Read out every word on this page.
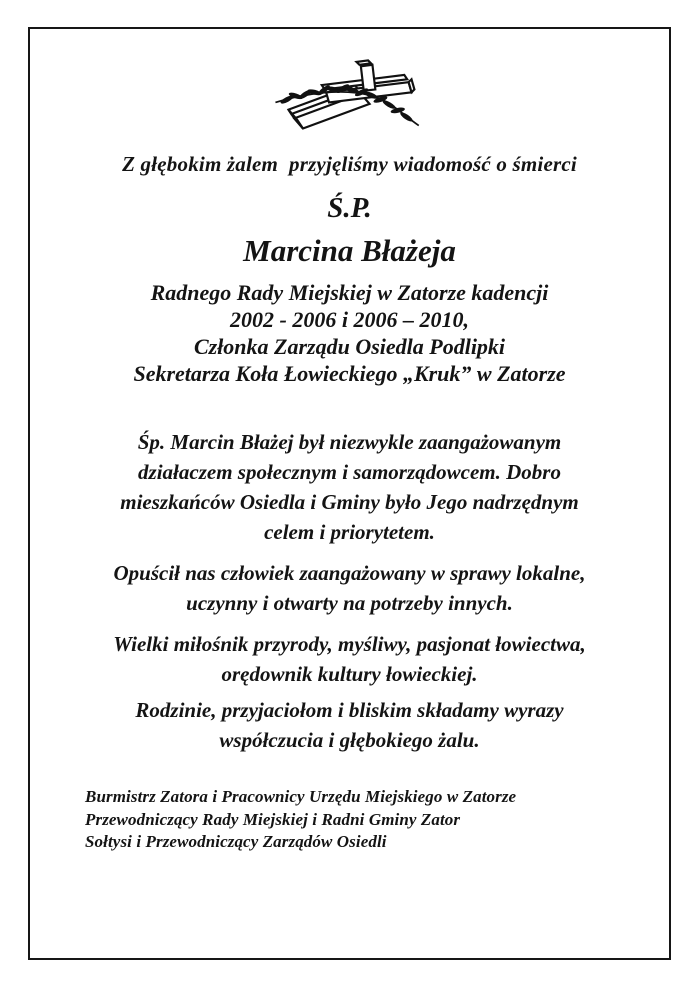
Z głębokim żalem  przyjęliśmy wiadomość o śmierci
Ś.P.
Marcina Błażeja
Radnego Rady Miejskiej w Zatorze kadencji
2002 - 2006 i 2006 – 2010,
Członka Zarządu Osiedla Podlipki
Sekretarza Koła Łowieckiego „Kruk” w Zatorze
Śp. Marcin Błażej był niezwykle zaangażowanym
działaczem społecznym i samorządowcem. Dobro
mieszkańców Osiedla i Gminy było Jego nadrzędnym
celem i priorytetem.
Opuścił nas człowiek zaangażowany w sprawy lokalne,
uczynny i otwarty na potrzeby innych.
Wielki miłośnik przyrody, myśliwy, pasjonat łowiectwa,
orędownik kultury łowieckiej.
Rodzinie, przyjaciołom i bliskim składamy wyrazy
współczucia i głębokiego żalu.
Burmistrz Zatora i Pracownicy Urzędu Miejskiego w Zatorze
Przewodniczący Rady Miejskiej i Radni Gminy Zator
Sołtysi i Przewodniczący Zarządów Osiedli
